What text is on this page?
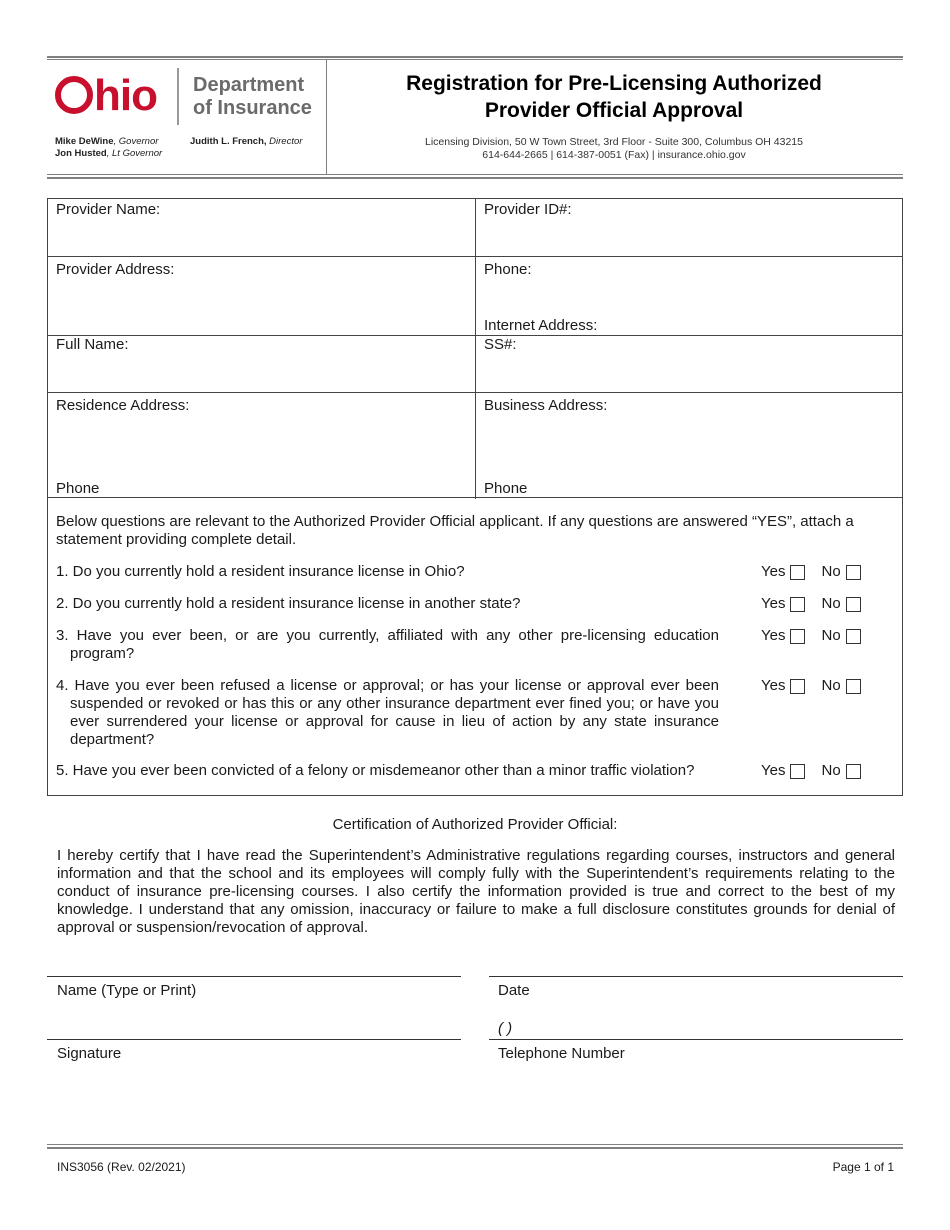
hio Department
of Insurance
Mike DeWine, Governor
Jon Husted, Lt Governor
Judith L. French, Director
Registration for Pre-Licensing Authorized
Provider Official Approval
Licensing Division, 50 W Town Street, 3rd Floor - Suite 300, Columbus OH 43215
614-644-2665 | 614-387-0051 (Fax) | insurance.ohio.gov
Provider Name:	Provider ID#:
Provider Address:	Phone:
Internet Address:
Full Name:	SS#:
Residence Address:	Business Address:
Phone	Phone
Below questions are relevant to the Authorized Provider Official applicant. If any questions are answered “YES”, attach a statement providing complete detail.
1. Do you currently hold a resident insurance license in Ohio?	Yes No
2. Do you currently hold a resident insurance license in another state?	Yes No
3. Have you ever been, or are you currently, affiliated with any other pre-licensing education program?
Yes No
4. Have you ever been refused a license or approval; or has your license or approval ever been suspended or revoked or has this or any other insurance department ever fined you; or have you ever surrendered your license or approval for cause in lieu of action by any state insurance department?
Yes No
5. Have you ever been convicted of a felony or misdemeanor other than a minor traffic violation?	Yes No
Certification of Authorized Provider Official:
I hereby certify that I have read the Superintendent’s Administrative regulations regarding courses, instructors and general information and that the school and its employees will comply fully with the Superintendent’s requirements relating to the conduct of insurance pre-licensing courses. I also certify the information provided is true and correct to the best of my knowledge. I understand that any omission, inaccuracy or failure to make a full disclosure constitutes grounds for denial of approval or suspension/revocation of approval.
Name (Type or Print)	Date
( )
Signature	Telephone Number
INS3056 (Rev. 02/2021)	Page 1 of 1
